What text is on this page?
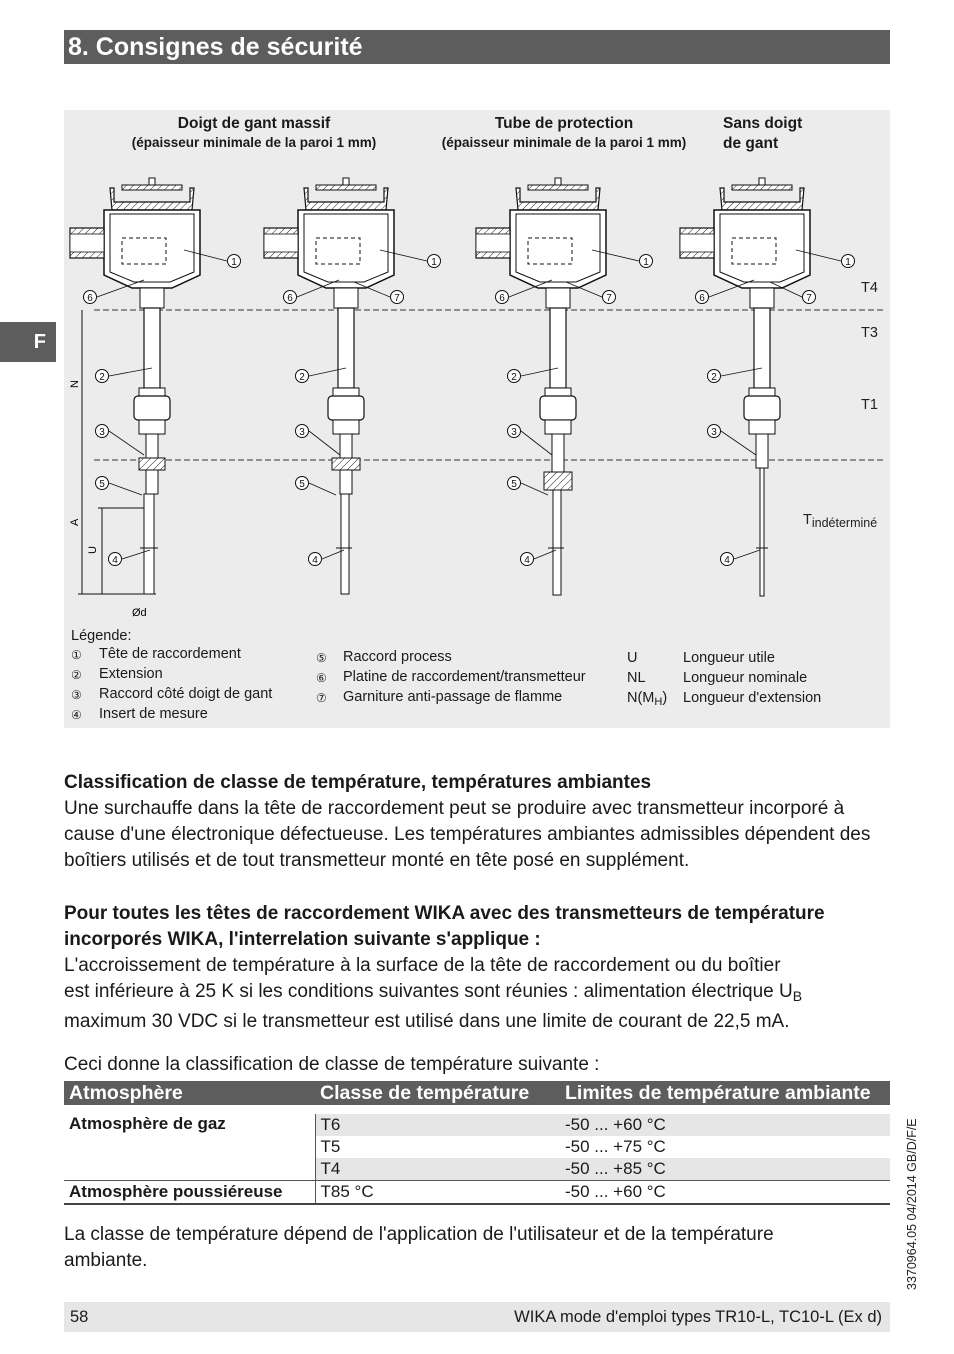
8. Consignes de sécurité
F
Doigt de gant massif
(épaisseur minimale de la paroi 1 mm)
Tube de protection
(épaisseur minimale de la paroi 1 mm)
Sans doigt
de gant
1
N
A
U
Ød
1	1	1	1
6	6	6	6
7	7	7
2	2	2	2
3	3	3	3
5	5	5
4	4	4	4
T4
T3
T1
Tindéterminé
Légende:
① Tête de raccordement
② Extension
③ Raccord côté doigt de gant
④ Insert de mesure
⑤ Raccord process
⑥ Platine de raccordement/transmetteur
⑦ Garniture anti-passage de flamme
U	Longueur utile
NL	Longueur nominale
$N(M_H)$ Longueur d'extension
Classification de classe de température, températures ambiantes
Une surchauffe dans la tête de raccordement peut se produire avec transmetteur incorporé à cause d'une électronique défectueuse. Les températures ambiantes admissibles dépendent des boîtiers utilisés et de tout transmetteur monté en tête posé en supplément.
Pour toutes les têtes de raccordement WIKA avec des transmetteurs de température incorporés WIKA, l'interrelation suivante s'applique :
L'accroissement de température à la surface de la tête de raccordement ou du boîtier
est inférieure à 25 K si les conditions suivantes sont réunies : alimentation électrique $U_B$
maximum 30 VDC si le transmetteur est utilisé dans une limite de courant de 22,5 mA.
Ceci donne la classification de classe de température suivante :
Atmosphère	Classe de température	Limites de température ambiante

Atmosphère de gaz	T6	-50 ... +60 °C
	T5	-50 ... +75 °C
	T4	-50 ... +85 °C
Atmosphère poussiéreuse	T85 °C	-50 ... +60 °C
La classe de température dépend de l'application de l'utilisateur et de la température ambiante.	3370964.05 04/2014 GB/D/F/E
58	WIKA mode d'emploi types TR10-L, TC10-L (Ex d)
